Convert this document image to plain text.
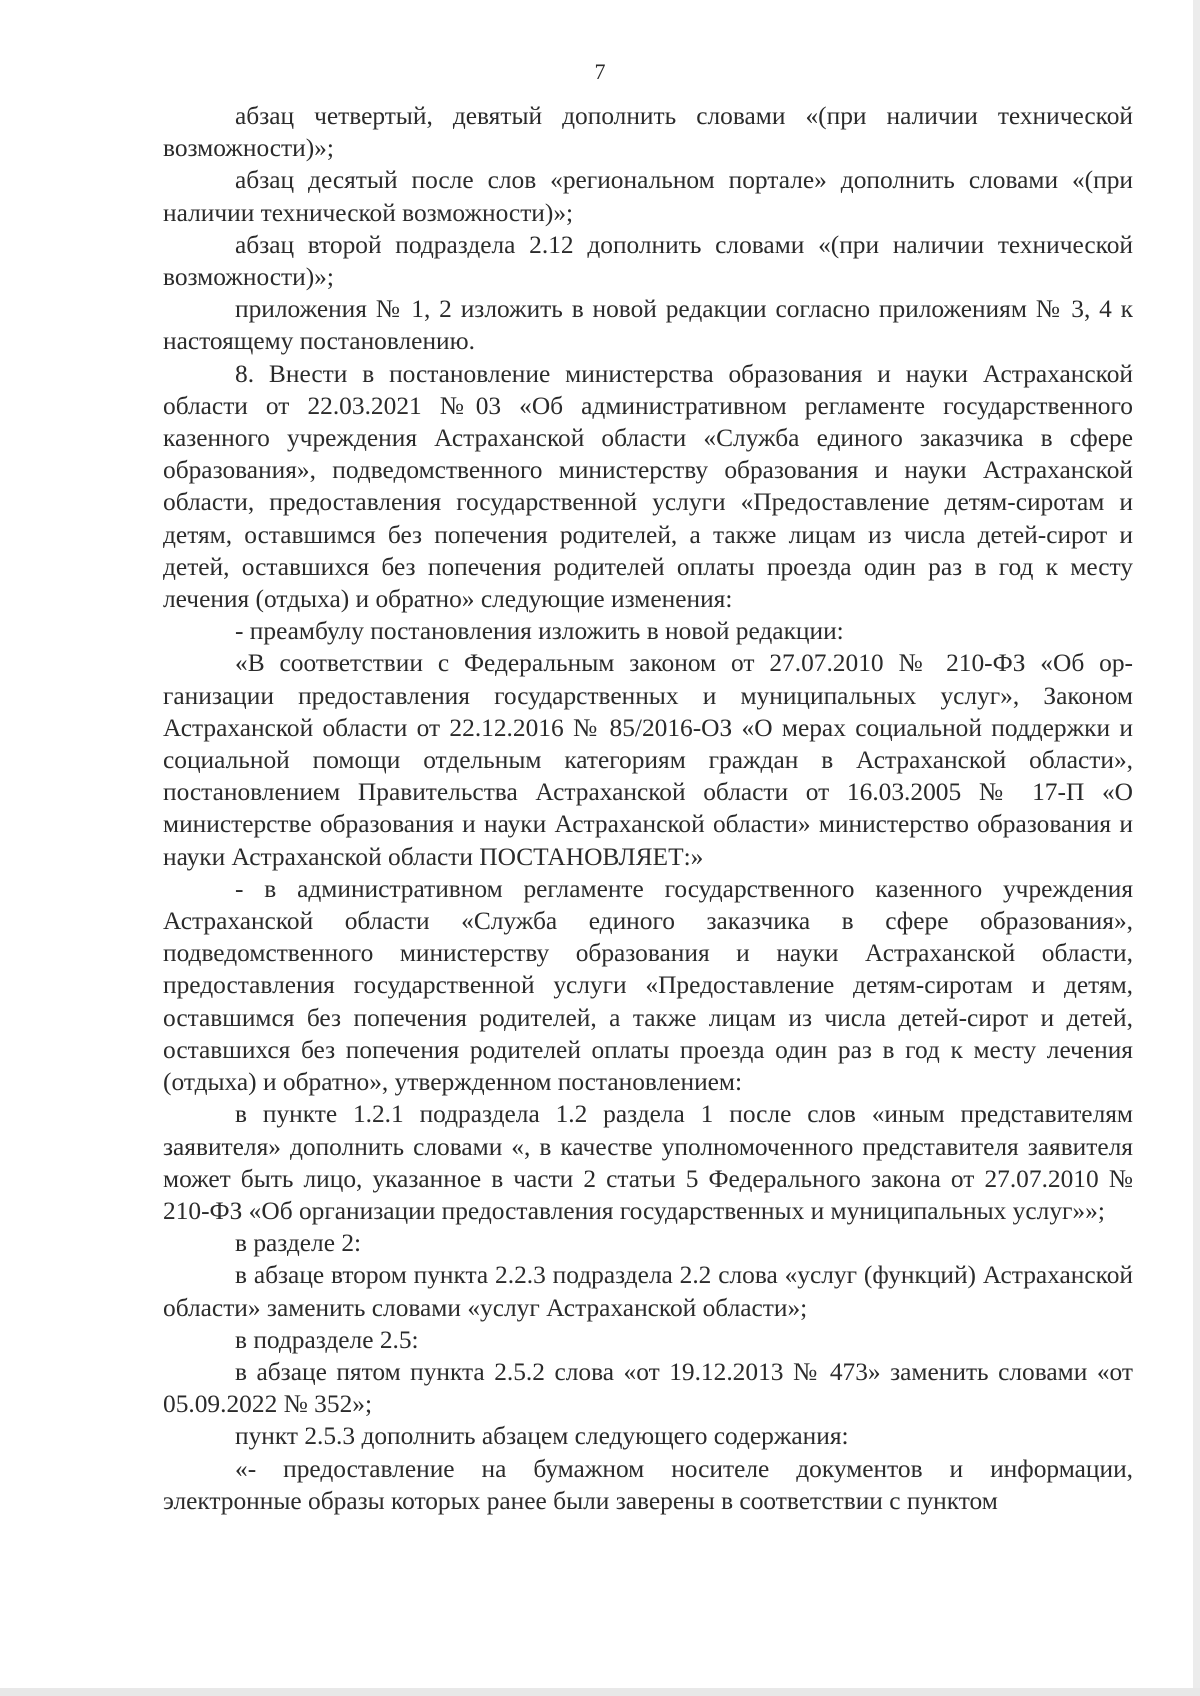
7

абзац четвертый, девятый дополнить словами «(при наличии технической возможности)»;

абзац десятый после слов «региональном портале» дополнить словами «(при наличии технической возможности)»;

абзац второй подраздела 2.12 дополнить словами «(при наличии технической возможности)»;

приложения № 1, 2 изложить в новой редакции согласно приложениям № 3, 4 к настоящему постановлению.

8. Внести в постановление министерства образования и науки Астраханской области от 22.03.2021 №03 «Об административном регламенте государственного казенного учреждения Астраханской области «Служба единого заказчика в сфере образования», подведомственного министерству образования и науки Астраханской области, предоставления государственной услуги «Предоставление детям-сиротам и детям, оставшимся без попечения родителей, а также лицам из числа детей-сирот и детей, оставшихся без попечения родителей оплаты проезда один раз в год к месту лечения (отдыха) и обратно» следующие изменения:

- преамбулу постановления изложить в новой редакции:

«В соответствии с Федеральным законом от 27.07.2010 № 210-ФЗ «Об организации предоставления государственных и муниципальных услуг», Законом Астраханской области от 22.12.2016 № 85/2016-ОЗ «О мерах социальной поддержки и социальной помощи отдельным категориям граждан в Астраханской области», постановлением Правительства Астраханской области от 16.03.2005 № 17-П «О министерстве образования и науки Астраханской области» министерство образования и науки Астраханской области ПОСТАНОВЛЯЕТ:»

- в административном регламенте государственного казенного учреждения Астраханской области «Служба единого заказчика в сфере образования», подведомственного министерству образования и науки Астраханской области, предоставления государственной услуги «Предоставление детям-сиротам и детям, оставшимся без попечения родителей, а также лицам из числа детей-сирот и детей, оставшихся без попечения родителей оплаты проезда один раз в год к месту лечения (отдыха) и обратно», утвержденном постановлением:

в пункте 1.2.1 подраздела 1.2 раздела 1 после слов «иным представителям заявителя» дополнить словами «, в качестве уполномоченного представителя заявителя может быть лицо, указанное в части 2 статьи 5 Федерального закона от 27.07.2010 № 210-ФЗ «Об организации предоставления государственных и муниципальных услуг»»;

в разделе 2:

в абзаце втором пункта 2.2.3 подраздела 2.2 слова «услуг (функций) Астраханской области» заменить словами «услуг Астраханской области»;

в подразделе 2.5:

в абзаце пятом пункта 2.5.2 слова «от 19.12.2013 № 473» заменить словами «от 05.09.2022 № 352»;

пункт 2.5.3 дополнить абзацем следующего содержания:

«- предоставление на бумажном носителе документов и информации, электронные образы которых ранее были заверены в соответствии с пунктом
